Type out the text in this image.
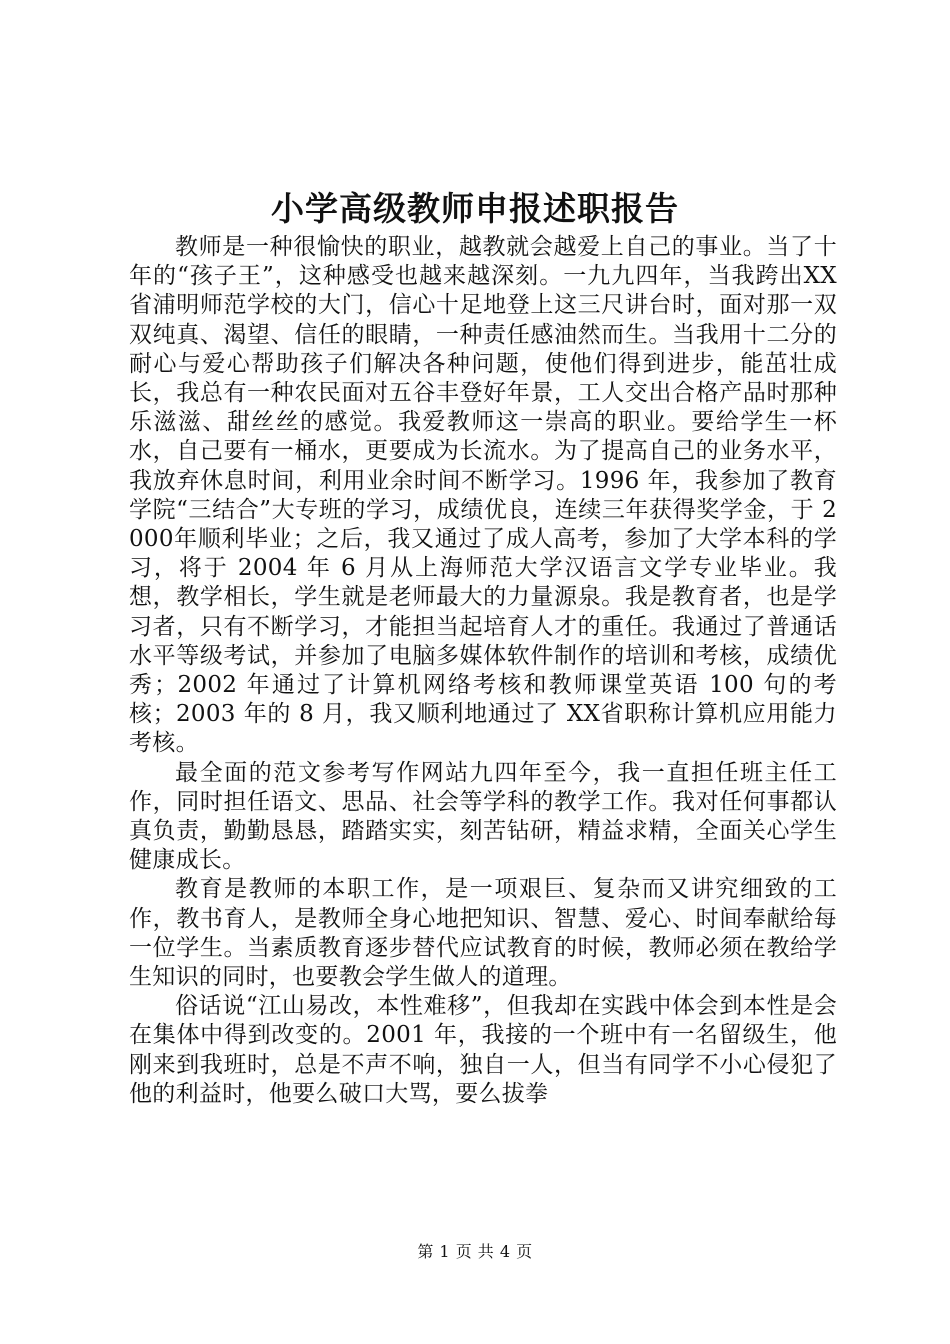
小学高级教师申报述职报告

教师是一种很愉快的职业，越教就会越爱上自己的事业。当了十年的“孩子王”，这种感受也越来越深刻。一九九四年，当我跨出XX省浦明师范学校的大门，信心十足地登上这三尺讲台时，面对那一双双纯真、渴望、信任的眼睛，一种责任感油然而生。当我用十二分的耐心与爱心帮助孩子们解决各种问题，使他们得到进步，能茁壮成长，我总有一种农民面对五谷丰登好年景，工人交出合格产品时那种乐滋滋、甜丝丝的感觉。我爱教师这一崇高的职业。要给学生一杯水，自己要有一桶水，更要成为长流水。为了提高自己的业务水平，我放弃休息时间，利用业余时间不断学习。1996 年，我参加了教育学院“三结合”大专班的学习，成绩优良，连续三年获得奖学金，于 2000年顺利毕业；之后，我又通过了成人高考，参加了大学本科的学习，将于 2004 年 6 月从上海师范大学汉语言文学专业毕业。我想，教学相长，学生就是老师最大的力量源泉。我是教育者，也是学习者，只有不断学习，才能担当起培育人才的重任。我通过了普通话水平等级考试，并参加了电脑多媒体软件制作的培训和考核，成绩优秀；2002 年通过了计算机网络考核和教师课堂英语 100 句的考核；2003 年的 8 月，我又顺利地通过了 XX省职称计算机应用能力考核。

最全面的范文参考写作网站九四年至今，我一直担任班主任工作，同时担任语文、思品、社会等学科的教学工作。我对任何事都认真负责，勤勤恳恳，踏踏实实，刻苦钻研，精益求精，全面关心学生健康成长。

教育是教师的本职工作，是一项艰巨、复杂而又讲究细致的工作，教书育人，是教师全身心地把知识、智慧、爱心、时间奉献给每一位学生。当素质教育逐步替代应试教育的时候，教师必须在教给学生知识的同时，也要教会学生做人的道理。

俗话说“江山易改，本性难移”，但我却在实践中体会到本性是会在集体中得到改变的。2001 年，我接的一个班中有一名留级生，他刚来到我班时，总是不声不响，独自一人，但当有同学不小心侵犯了他的利益时，他要么破口大骂，要么拔拳

第 1 页 共 4 页
